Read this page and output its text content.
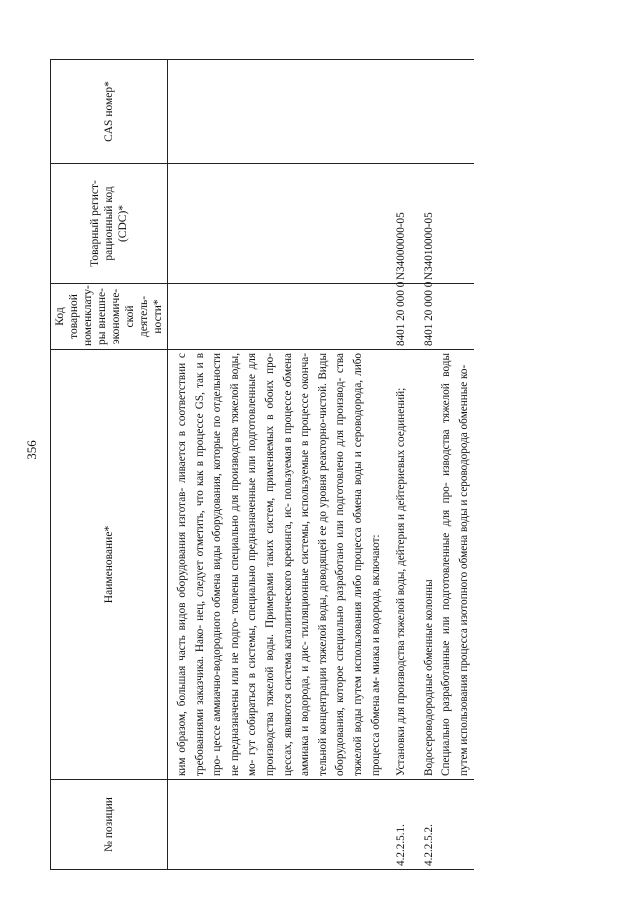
356
№ позиции	Наименование*	Код товарной номенклату- ры внешне- экономиче- ской деятель- ности*	Товарный регист- рационный код (CDC)*	CAS номер*
	ким образом, большая часть видов оборудования изготав- ливается в соответствии с требованиями заказчика. Нако- нец, следует отметить, что как в процессе GS, так и в про- цессе аммиачно-водородного обмена виды оборудования, которые по отдельности не предназначены или не подго- товлены специально для производства тяжелой воды, мо- гут собираться в системы, специально предназначенные или подготовленные для производства тяжелой воды. Примерами таких систем, применяемых в обоих про- цессах, являются система каталитического крекинга, ис- пользуемая в процессе обмена аммиака и водорода, и дис- тилляционные системы, используемые в процессе оконча- тельной концентрации тяжелой воды, доводящей ее до уровня реакторно-чистой. Виды оборудования, которое специально разработано или подготовлено для производ- ства тяжелой воды путем использования либо процесса обмена воды и сероводорода, либо процесса обмена ам- миака и водорода, включают:			
4.2.2.5.1.	Установки для производства тяжелой воды, дейтерия и дейтериевых соединений;	8401 20 000 0	N34000000-05	
4.2.2.5.2.	Водосероводородные обменные колонны Специально разработанные или подготовленные для про- изводства тяжелой воды путем использования процесса изотопного обмена воды и сероводорода обменные ко-	8401 20 000 0	N34010000-05	
